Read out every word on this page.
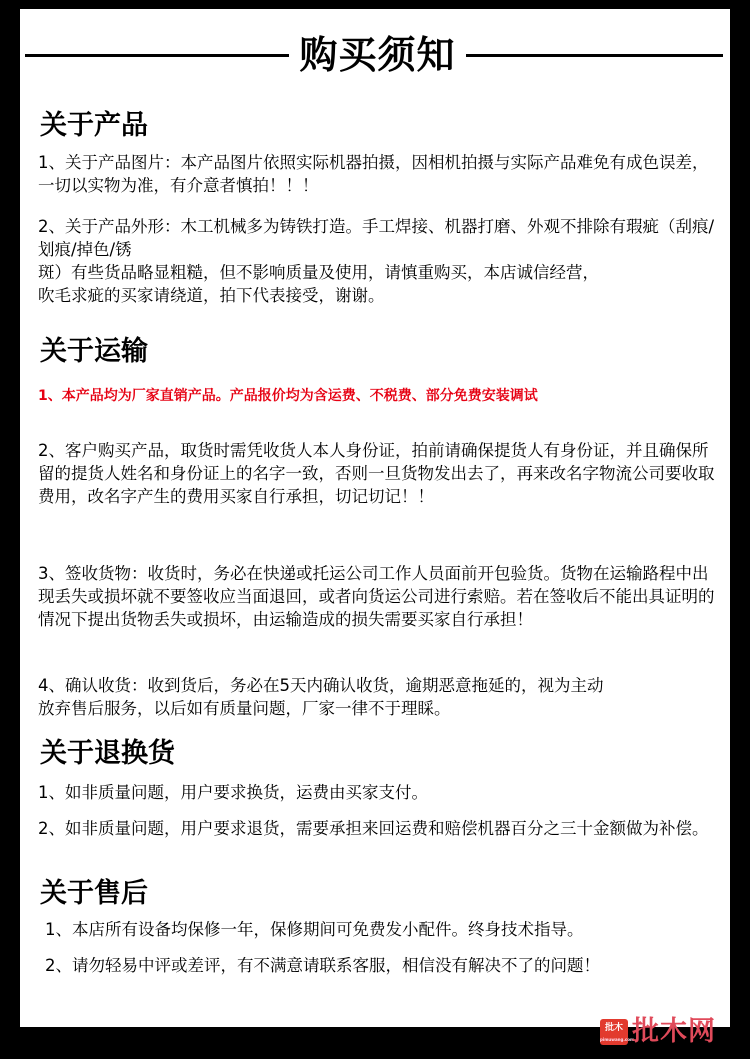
购买须知
关于产品
1、关于产品图片：本产品图片依照实际机器拍摄，因相机拍摄与实际产品难免有成色误差，一切以实物为准，有介意者慎拍！！！
2、关于产品外形：木工机械多为铸铁打造。手工焊接、机器打磨、外观不排除有瑕疵（刮痕/划痕/掉色/锈
斑）有些货品略显粗糙，但不影响质量及使用，请慎重购买，本店诚信经营，
吹毛求疵的买家请绕道，拍下代表接受，谢谢。
关于运输
1、本产品均为厂家直销产品。产品报价均为含运费、不税费、部分免费安装调试
2、客户购买产品，取货时需凭收货人本人身份证，拍前请确保提货人有身份证，并且确保所留的提货人姓名和身份证上的名字一致，否则一旦货物发出去了，再来改名字物流公司要收取费用，改名字产生的费用买家自行承担，切记切记！！
3、签收货物：收货时，务必在快递或托运公司工作人员面前开包验货。货物在运输路程中出现丢失或损坏就不要签收应当面退回，或者向货运公司进行索赔。若在签收后不能出具证明的情况下提出货物丢失或损坏，由运输造成的损失需要买家自行承担！
4、确认收货：收到货后，务必在5天内确认收货，逾期恶意拖延的，视为主动
放弃售后服务，以后如有质量问题，厂家一律不于理睬。
关于退换货
1、如非质量问题，用户要求换货，运费由买家支付。
2、如非质量问题，用户要求退货，需要承担来回运费和赔偿机器百分之三十金额做为补偿。
关于售后
1、本店所有设备均保修一年，保修期间可免费发小配件。终身技术指导。
2、请勿轻易中评或差评，有不满意请联系客服，相信没有解决不了的问题！
批木
pimuwang.com
批木网
